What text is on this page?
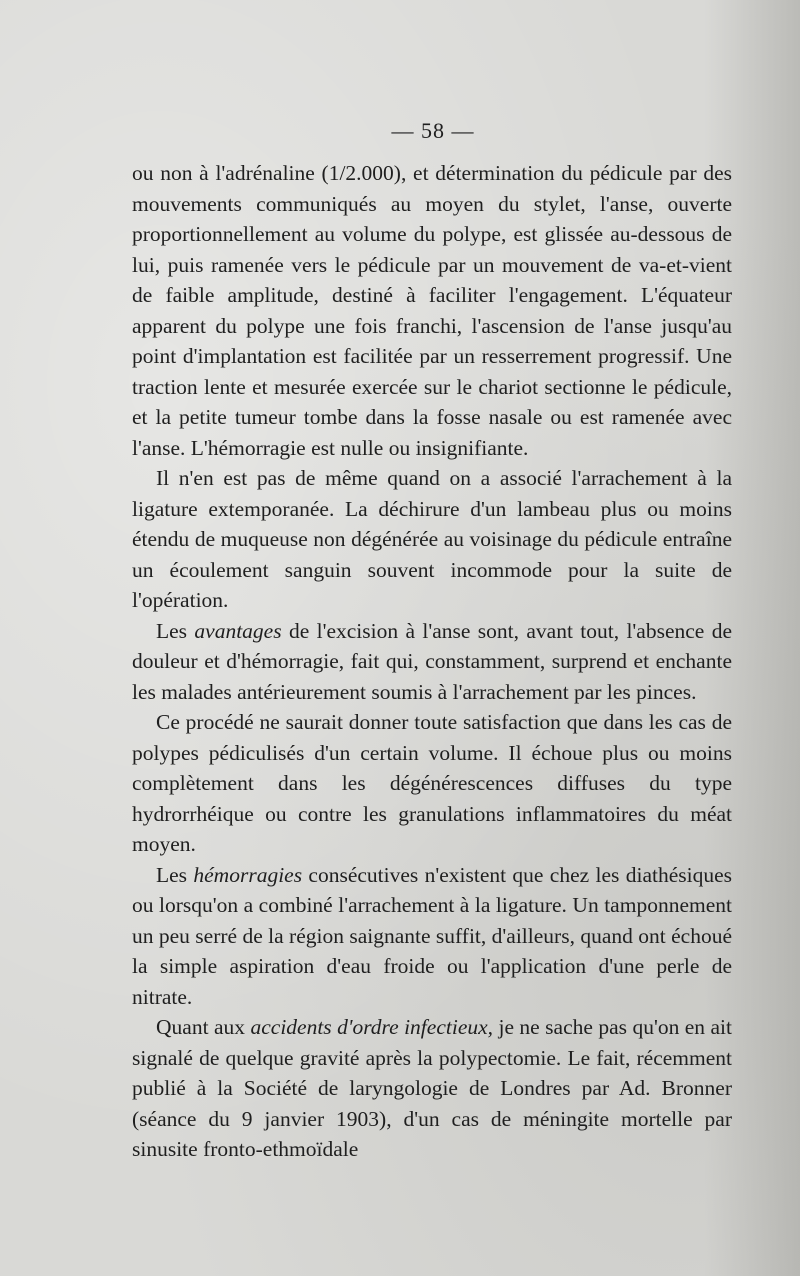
— 58 —

ou non à l'adrénaline (1/2.000), et détermination du pédicule par des mouvements communiqués au moyen du stylet, l'anse, ouverte proportionnellement au volume du polype, est glissée au-dessous de lui, puis ramenée vers le pédicule par un mouvement de va-et-vient de faible amplitude, destiné à faciliter l'engagement. L'équateur apparent du polype une fois franchi, l'ascension de l'anse jusqu'au point d'implantation est facilitée par un resserrement progressif. Une traction lente et mesurée exercée sur le chariot sectionne le pédicule, et la petite tumeur tombe dans la fosse nasale ou est ramenée avec l'anse. L'hémorragie est nulle ou insignifiante.

Il n'en est pas de même quand on a associé l'arrachement à la ligature extemporanée. La déchirure d'un lambeau plus ou moins étendu de muqueuse non dégénérée au voisinage du pédicule entraîne un écoulement sanguin souvent incommode pour la suite de l'opération.

Les avantages de l'excision à l'anse sont, avant tout, l'absence de douleur et d'hémorragie, fait qui, constamment, surprend et enchante les malades antérieurement soumis à l'arrachement par les pinces.

Ce procédé ne saurait donner toute satisfaction que dans les cas de polypes pédiculisés d'un certain volume. Il échoue plus ou moins complètement dans les dégénérescences diffuses du type hydrorrhéique ou contre les granulations inflammatoires du méat moyen.

Les hémorragies consécutives n'existent que chez les diathésiques ou lorsqu'on a combiné l'arrachement à la ligature. Un tamponnement un peu serré de la région saignante suffit, d'ailleurs, quand ont échoué la simple aspiration d'eau froide ou l'application d'une perle de nitrate.

Quant aux accidents d'ordre infectieux, je ne sache pas qu'on en ait signalé de quelque gravité après la polypectomie. Le fait, récemment publié à la Société de laryngologie de Londres par Ad. Bronner (séance du 9 janvier 1903), d'un cas de méningite mortelle par sinusite fronto-ethmoïdale
